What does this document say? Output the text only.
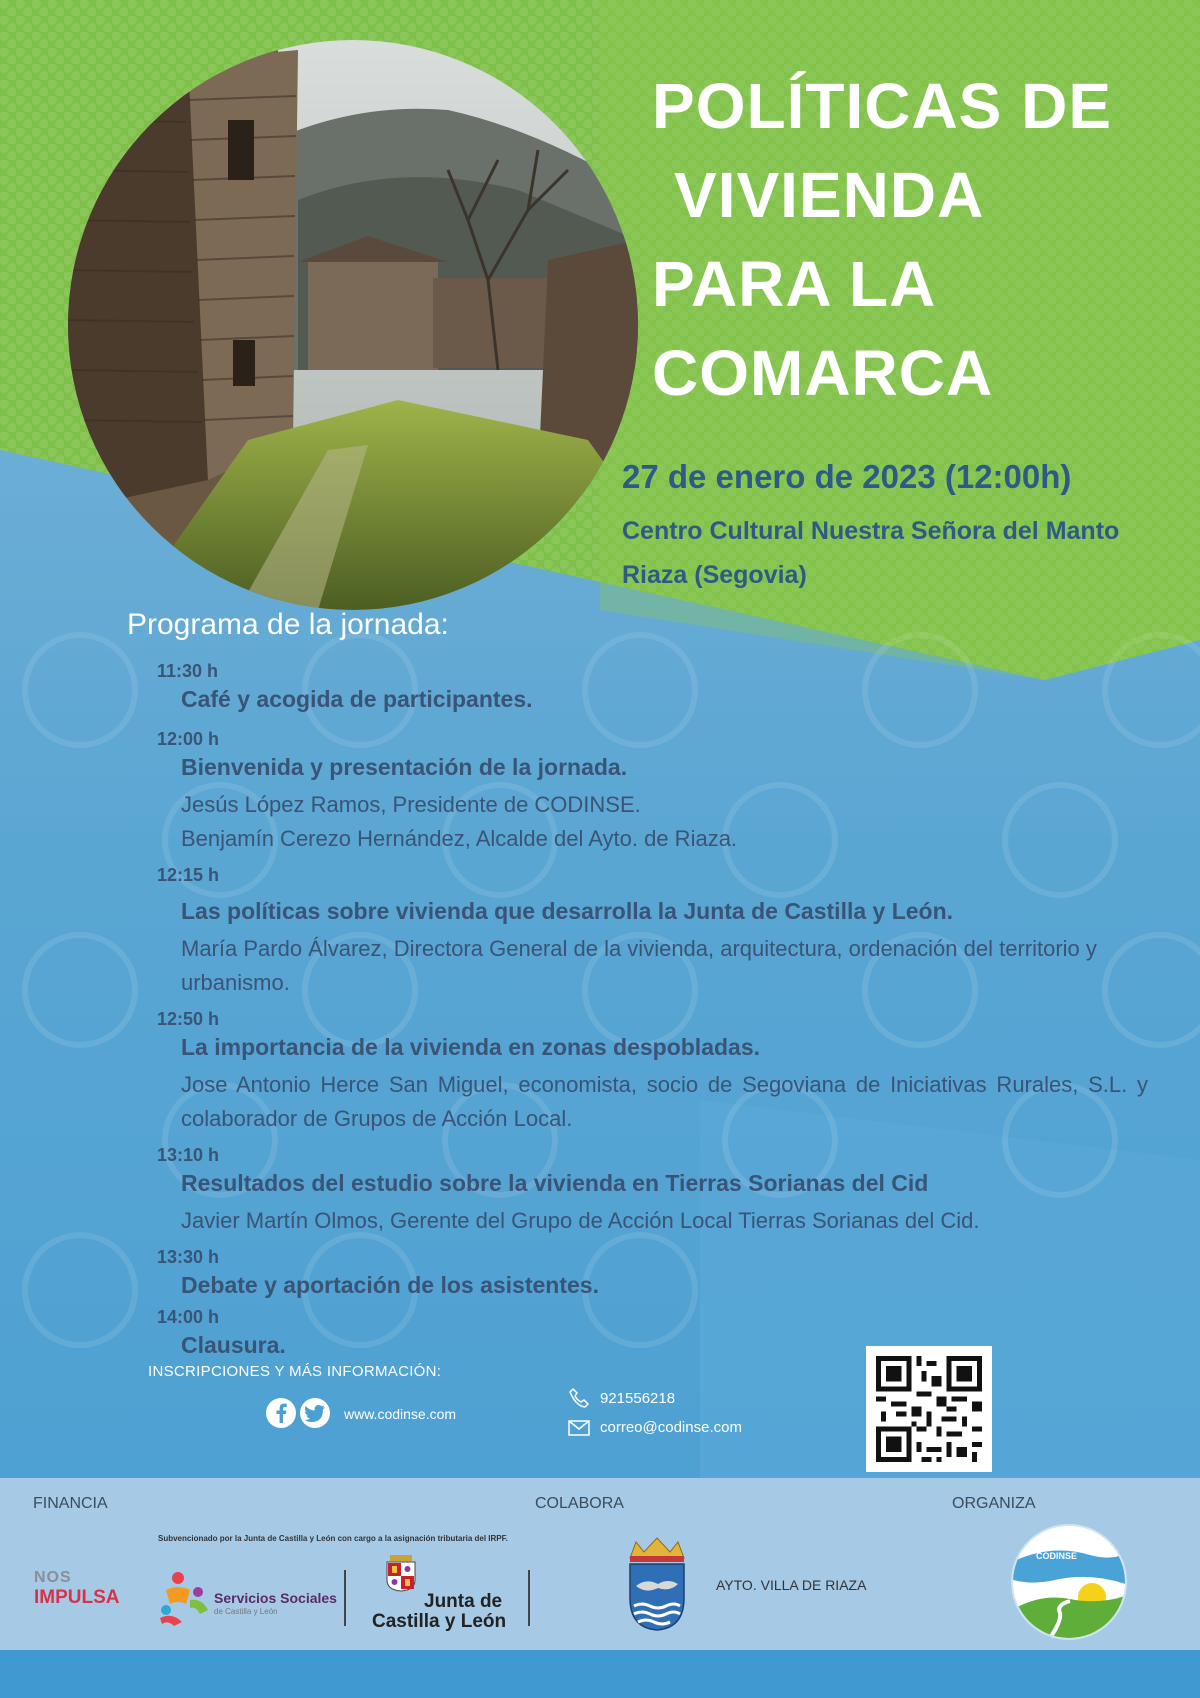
POLÍTICAS DE
VIVIENDA
PARA LA
COMARCA
27 de enero de 2023 (12:00h)
Centro Cultural Nuestra Señora del Manto
Riaza (Segovia)
Programa de la jornada:
11:30 h
Café y acogida de participantes.
12:00 h
Bienvenida y presentación de la jornada.
Jesús López Ramos, Presidente de CODINSE.
Benjamín Cerezo Hernández, Alcalde del Ayto. de Riaza.
12:15 h
Las políticas sobre vivienda que desarrolla la Junta de Castilla y León.
María Pardo Álvarez, Directora General de la vivienda, arquitectura, ordenación del territorio y urbanismo.
12:50 h
La importancia de la vivienda en zonas despobladas.
Jose Antonio Herce San Miguel, economista, socio de Segoviana de Iniciativas Rurales, S.L. y colaborador de Grupos de Acción Local.
13:10 h
Resultados del estudio sobre la vivienda en Tierras Sorianas del Cid
Javier Martín Olmos, Gerente del Grupo de Acción Local Tierras Sorianas del Cid.
13:30 h
Debate y aportación de los asistentes.
14:00 h
Clausura.
INSCRIPCIONES Y MÁS INFORMACIÓN:
www.codinse.com
921556218
correo@codinse.com
FINANCIA	COLABORA	ORGANIZA
Subvencionado por la Junta de Castilla y León con cargo a la asignación tributaria del IRPF.
NOS
IMPULSA	Servicios Sociales
de Castilla y León	Junta de
Castilla y León
AYTO. VILLA DE RIAZA
CODINSE
